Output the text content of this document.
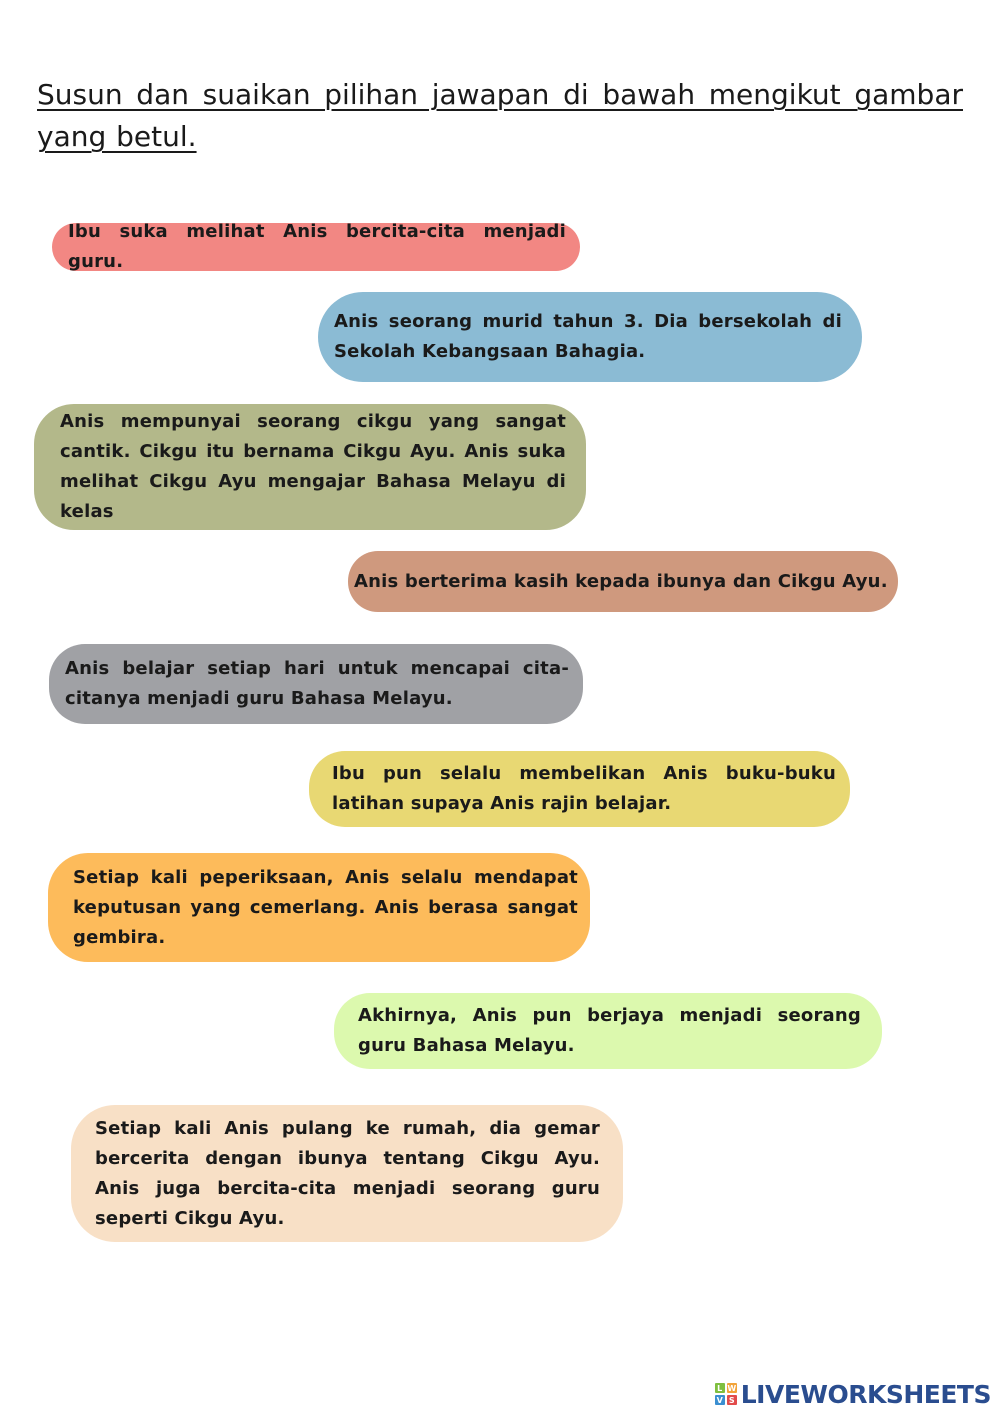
Susun dan suaikan pilihan jawapan di bawah mengikut gambar yang betul.
Ibu suka melihat Anis bercita-cita menjadi guru.
Anis seorang murid tahun 3. Dia bersekolah di Sekolah Kebangsaan Bahagia.
Anis mempunyai seorang cikgu yang sangat cantik. Cikgu itu bernama Cikgu Ayu. Anis suka melihat Cikgu Ayu mengajar Bahasa Melayu di kelas
Anis berterima kasih kepada ibunya dan Cikgu Ayu.
Anis belajar setiap hari untuk mencapai cita-citanya menjadi guru Bahasa Melayu.
Ibu pun selalu membelikan Anis buku-buku latihan supaya Anis rajin belajar.
Setiap kali peperiksaan, Anis selalu mendapat keputusan yang cemerlang. Anis berasa sangat gembira.
Akhirnya, Anis pun berjaya menjadi seorang guru Bahasa Melayu.
Setiap kali Anis pulang ke rumah, dia gemar bercerita dengan ibunya tentang Cikgu Ayu. Anis juga bercita-cita menjadi seorang guru seperti Cikgu Ayu.
L W
V S LIVEWORKSHEETS
